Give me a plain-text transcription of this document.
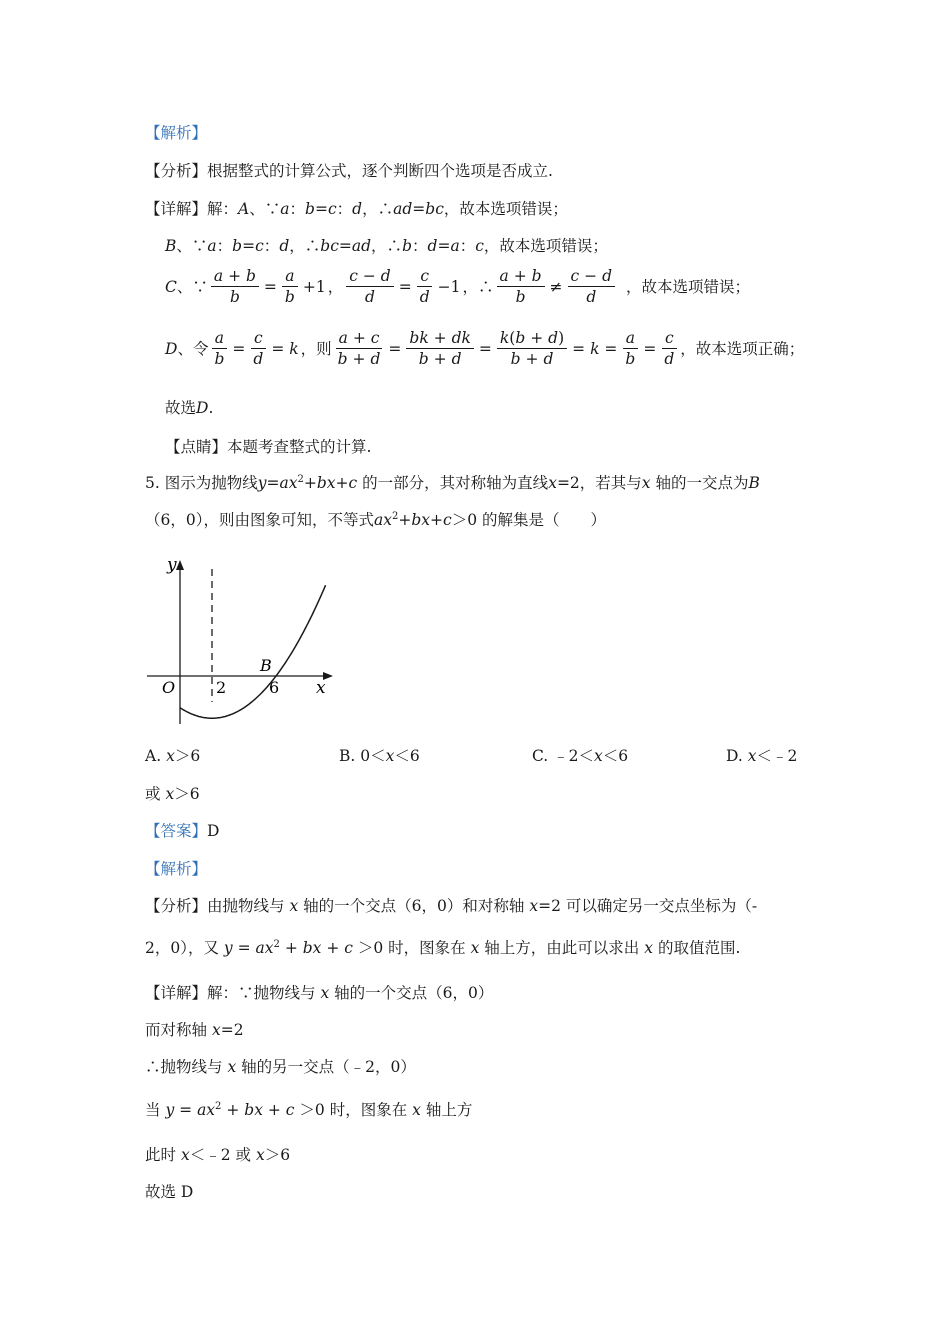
【解析】
【分析】根据整式的计算公式，逐个判断四个选项是否成立.
【详解】解：A、∵a：b=c：d，∴ad=bc，故本选项错误；
B、∵a：b=c：d，∴bc=ad，∴b：d=a：c，故本选项错误；
C 、∵ $\frac{a + b}{b} = \frac{a}{b} +1$ ， $\frac{c - d}{d} = \frac{c}{d} -1$ ，∴ $\frac{a + b}{b} \ne \frac{c - d}{d}$ ，故本选项错误；
D 、令 $\frac{a}{b} = \frac{c}{d} = k$ ，则 $\frac{a + c}{b + d} = \frac{bk + dk}{b + d} = \frac{k(b + d)}{b + d} = k = \frac{a}{b} = \frac{c}{d}$ ，故本选项正确；
故选D.
【点睛】本题考查整式的计算.
5. 图示为抛物线$y=ax^2+bx+c$ 的一部分，其对称轴为直线x=2，若其与x 轴的一交点为B
（6，0），则由图象可知，不等式$ax^2+bx+c>0$ 的解集是（　　）
y
x
O	2	6
B
A. x＞6	B. 0＜x＜6	C. ﹣2＜x＜6	D. x＜﹣2
或 x＞6
【答案】D
【解析】
【分析】由抛物线与 x 轴的一个交点（6，0）和对称轴 x=2 可以确定另一交点坐标为（-
2，0），又 $y = ax^2$ + bx + c ＞0 时，图象在 x 轴上方，由此可以求出 x 的取值范围.
【详解】解：∵抛物线与 x 轴的一个交点（6，0）
而对称轴 x=2
∴抛物线与 x 轴的另一交点（﹣2，0）
当 $y = ax^2$ + bx + c ＞0 时，图象在 x 轴上方
此时 x＜﹣2 或 x＞6
故选 D
